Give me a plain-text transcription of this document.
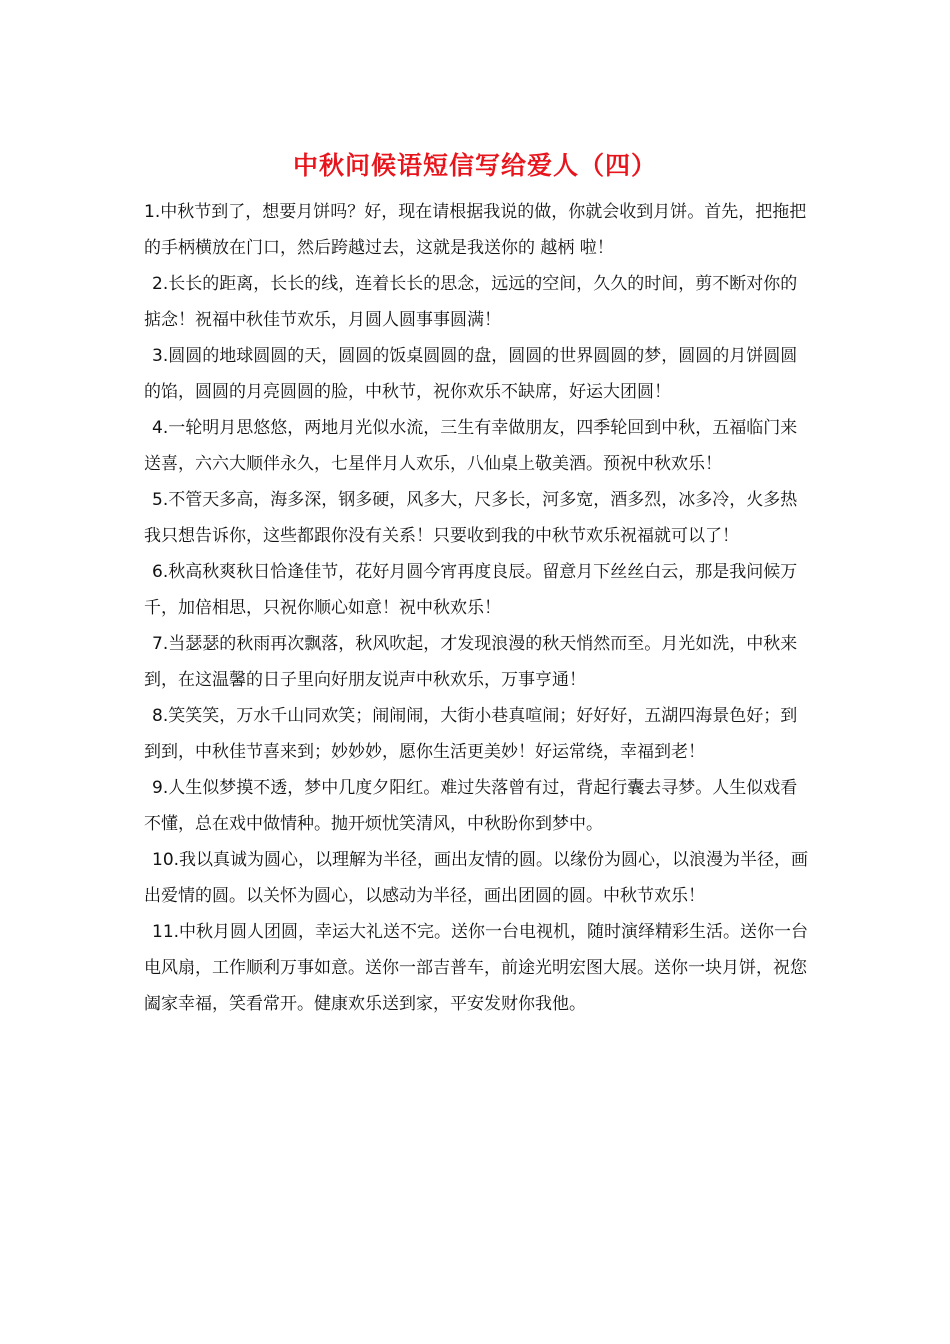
中秋问候语短信写给爱人（四）

1.中秋节到了，想要月饼吗？好，现在请根据我说的做，你就会收到月饼。首先，把拖把的手柄横放在门口，然后跨越过去，这就是我送你的 越柄 啦！

2.长长的距离，长长的线，连着长长的思念，远远的空间，久久的时间，剪不断对你的掂念！祝福中秋佳节欢乐，月圆人圆事事圆满！

3.圆圆的地球圆圆的天，圆圆的饭桌圆圆的盘，圆圆的世界圆圆的梦，圆圆的月饼圆圆的馅，圆圆的月亮圆圆的脸，中秋节，祝你欢乐不缺席，好运大团圆！

4.一轮明月思悠悠，两地月光似水流，三生有幸做朋友，四季轮回到中秋，五福临门来送喜，六六大顺伴永久，七星伴月人欢乐，八仙桌上敬美酒。预祝中秋欢乐！

5.不管天多高，海多深，钢多硬，风多大，尺多长，河多宽，酒多烈，冰多冷，火多热 我只想告诉你，这些都跟你没有关系！只要收到我的中秋节欢乐祝福就可以了！

6.秋高秋爽秋日恰逢佳节，花好月圆今宵再度良辰。留意月下丝丝白云，那是我问候万千，加倍相思，只祝你顺心如意！祝中秋欢乐！

7.当瑟瑟的秋雨再次飘落，秋风吹起，才发现浪漫的秋天悄然而至。月光如洗，中秋来到，在这温馨的日子里向好朋友说声中秋欢乐，万事亨通！

8.笑笑笑，万水千山同欢笑；闹闹闹，大街小巷真喧闹；好好好，五湖四海景色好；到到到，中秋佳节喜来到；妙妙妙，愿你生活更美妙！好运常绕，幸福到老！

9.人生似梦摸不透，梦中几度夕阳红。难过失落曾有过，背起行囊去寻梦。人生似戏看不懂，总在戏中做情种。抛开烦忧笑清风，中秋盼你到梦中。

10.我以真诚为圆心，以理解为半径，画出友情的圆。以缘份为圆心，以浪漫为半径，画出爱情的圆。以关怀为圆心，以感动为半径，画出团圆的圆。中秋节欢乐！

11.中秋月圆人团圆，幸运大礼送不完。送你一台电视机，随时演绎精彩生活。送你一台电风扇，工作顺利万事如意。送你一部吉普车，前途光明宏图大展。送你一块月饼，祝您阖家幸福，笑看常开。健康欢乐送到家，平安发财你我他。
